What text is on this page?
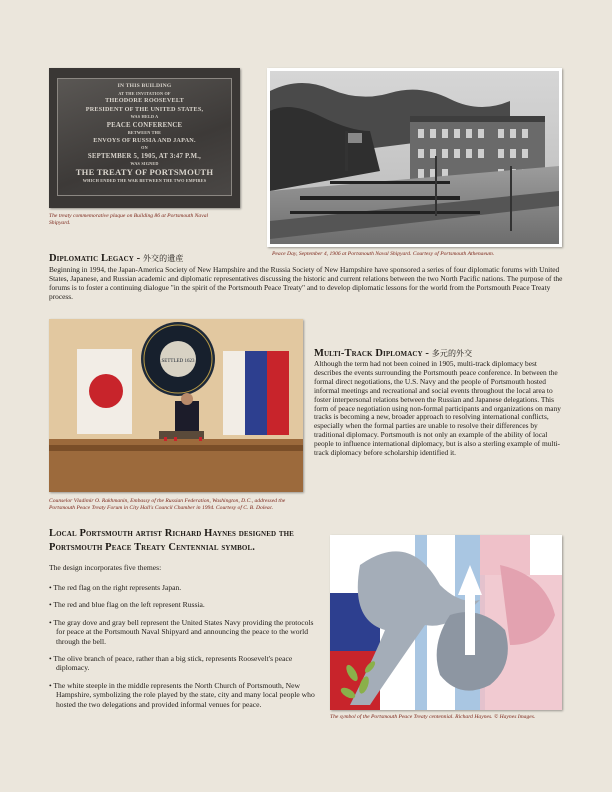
IN THIS BUILDING
AT THE INVITATION OF
THEODORE ROOSEVELT
PRESIDENT OF THE UNITED STATES,
WAS HELD A
PEACE CONFERENCE
BETWEEN THE
ENVOYS OF RUSSIA AND JAPAN.
ON
SEPTEMBER 5, 1905, AT 3:47 P.M.,
WAS SIGNED
THE TREATY OF PORTSMOUTH
WHICH ENDED THE WAR BETWEEN THE TWO EMPIRES
The treaty commemorative plaque on Building 86 at Portsmouth Naval Shipyard.
Peace Day, September 4, 1906 at Portsmouth Naval Shipyard. Courtesy of Portsmouth Athenaeum.
Diplomatic Legacy - 外交的遺産
Beginning in 1994, the Japan-America Society of New Hampshire and the Russia Society of New Hampshire have sponsored a series of four diplomatic forums with United States, Japanese, and Russian academic and diplomatic representatives discussing the historic and current relations between the two North Pacific nations. The purpose of the forums is to foster a continuing dialogue "in the spirit of the Portsmouth Peace Treaty" and to develop diplomatic lessons for the world from the Portsmouth Peace Treaty process.
SETTLED 1623
Counselor Vladimir O. Rakhmanin, Embassy of the Russian Federation, Washington, D.C., addressed the Portsmouth Peace Treaty Forum in City Hall's Council Chamber in 1994. Courtesy of C. B. Doleac.
Multi-Track Diplomacy - 多元的外交
Although the term had not been coined in 1905, multi-track diplomacy best describes the events surrounding the Portsmouth peace conference. In between the formal direct negotiations, the U.S. Navy and the people of Portsmouth hosted informal meetings and recreational and social events throughout the local area to foster interpersonal relations between the Russian and Japanese delegations. This form of peace negotiation using non-formal participants and organizations on many tracks is becoming a new, broader approach to resolving international conflicts, especially when the formal parties are unable to resolve their differences by traditional diplomacy. Portsmouth is not only an example of the ability of local people to influence international diplomacy, but is also a sterling example of multi-track diplomacy before scholarship identified it.
Local Portsmouth artist Richard Haynes designed the
Portsmouth Peace Treaty Centennial symbol.
The design incorporates five themes:
• The red flag on the right represents Japan.
• The red and blue flag on the left represent Russia.
• The gray dove and gray bell represent the United States Navy providing the protocols for peace at the Portsmouth Naval Shipyard and announcing the peace to the world through the bell.
• The olive branch of peace, rather than a big stick, represents Roosevelt's peace diplomacy.
• The white steeple in the middle represents the North Church of Portsmouth, New Hampshire, symbolizing the role played by the state, city and many local people who hosted the two delegations and provided informal venues for peace.
The symbol of the Portsmouth Peace Treaty centennial. Richard Haynes. © Haynes Images.
